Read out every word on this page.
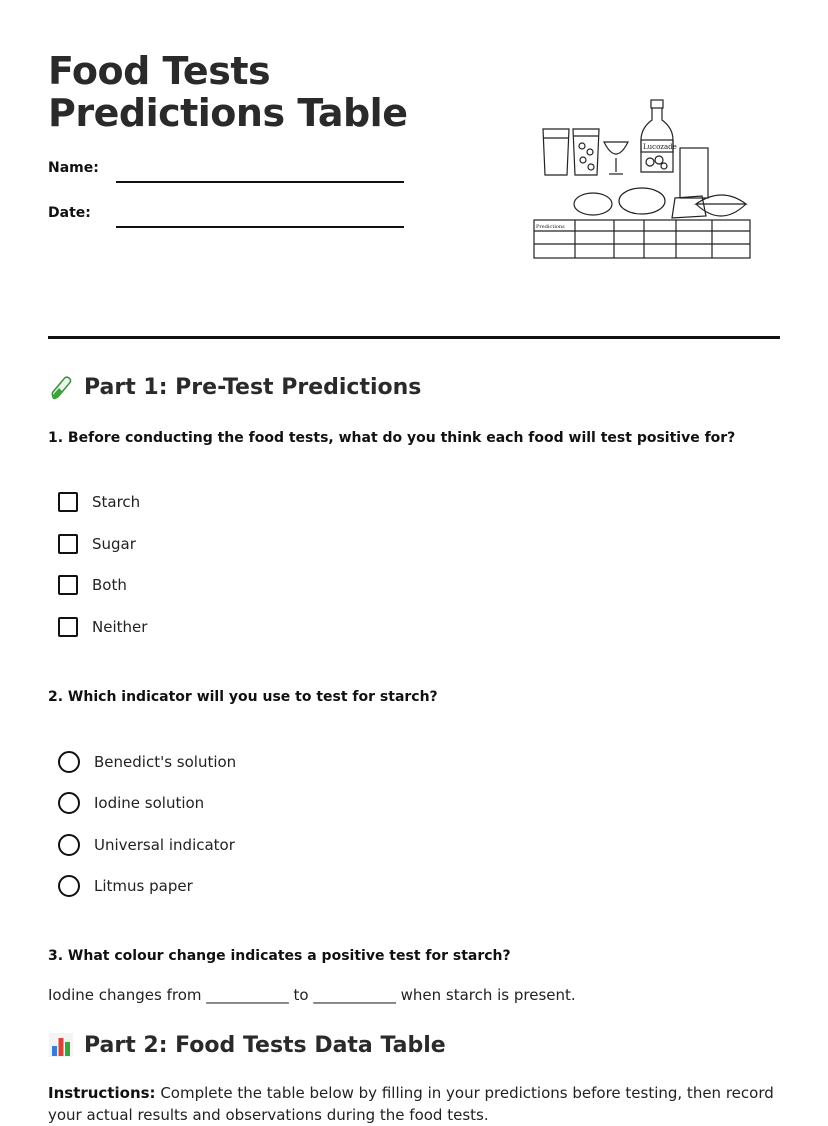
Food Tests Predictions Table
Name:
Date:
Lucozade
Predictions
Part 1: Pre-Test Predictions
1. Before conducting the food tests, what do you think each food will test positive for?
Starch
Sugar
Both
Neither
2. Which indicator will you use to test for starch?
Benedict's solution
Iodine solution
Universal indicator
Litmus paper
3. What colour change indicates a positive test for starch?
Iodine changes from ___________ to ___________ when starch is present.
Part 2: Food Tests Data Table
Instructions: Complete the table below by filling in your predictions before testing, then record your actual results and observations during the food tests.
